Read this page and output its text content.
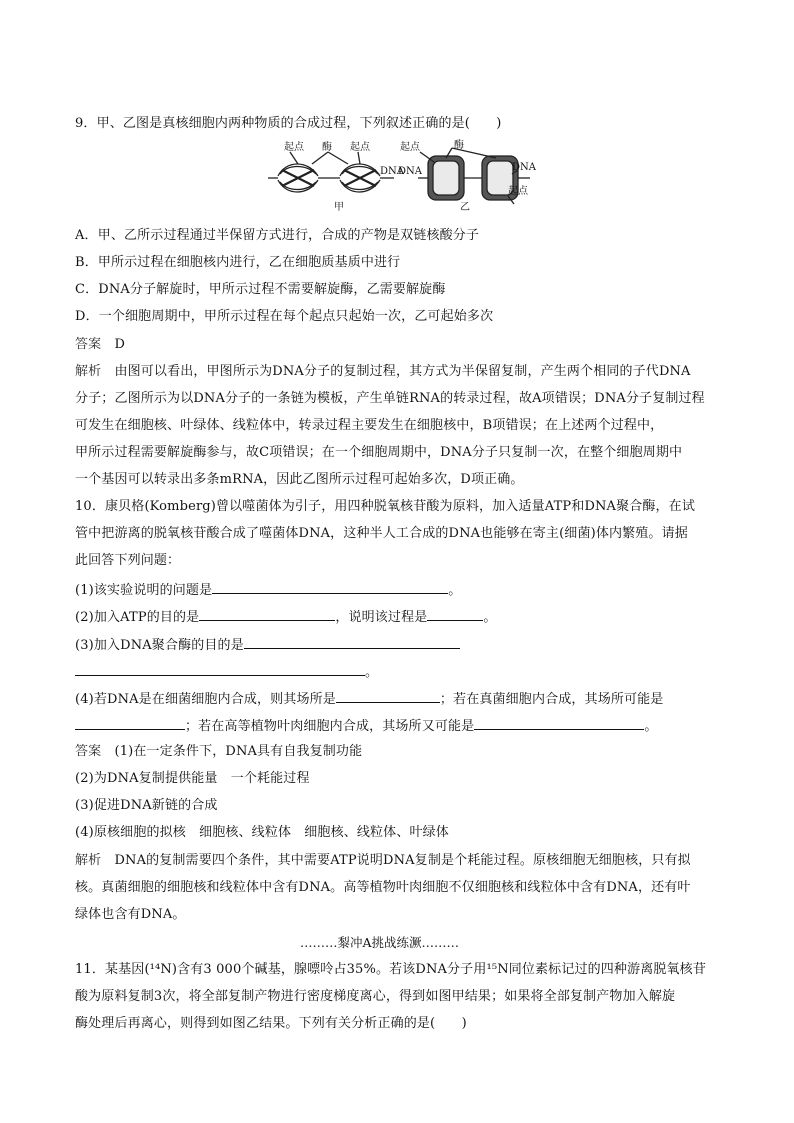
9．甲、乙图是真核细胞内两种物质的合成过程，下列叙述正确的是(　　)
起点 酶 起点
DNA
起点
DNA
酶
DNA
起点
甲	乙
A．甲、乙所示过程通过半保留方式进行，合成的产物是双链核酸分子
B．甲所示过程在细胞核内进行，乙在细胞质基质中进行
C．DNA分子解旋时，甲所示过程不需要解旋酶，乙需要解旋酶
D．一个细胞周期中，甲所示过程在每个起点只起始一次，乙可起始多次
答案　 D
解析　 由图可以看出，甲图所示为DNA分子的复制过程，其方式为半保留复制，产生两个相同的子代DNA
分子；乙图所示为以DNA分子的一条链为模板，产生单链RNA的转录过程，故A项错误；DNA分子复制过程
可发生在细胞核、叶绿体、线粒体中，转录过程主要发生在细胞核中，B项错误；在上述两个过程中，
甲所示过程需要解旋酶参与，故C项错误；在一个细胞周期中，DNA分子只复制一次，在整个细胞周期中
一个基因可以转录出多条mRNA，因此乙图所示过程可起始多次，D项正确。
10．康贝格(Komberg)曾以噬菌体为引子，用四种脱氧核苷酸为原料，加入适量ATP和DNA聚合酶，在试
管中把游离的脱氧核苷酸合成了噬菌体DNA，这种半人工合成的DNA也能够在寄主(细菌)体内繁殖。请据
此回答下列问题：
(1)该实验说明的问题是	。
(2)加入ATP的目的是	，说明该过程是	。
(3)加入DNA聚合酶的目的是
。
(4)若DNA是在细菌细胞内合成，则其场所是	；若在真菌细胞内合成，其场所可能是
；若在高等植物叶肉细胞内合成，其场所又可能是	。
答案　 (1)在一定条件下，DNA具有自我复制功能
(2)为DNA复制提供能量　一个耗能过程
(3)促进DNA新链的合成
(4)原核细胞的拟核　细胞核、线粒体　细胞核、线粒体、叶绿体
解析　 DNA的复制需要四个条件，其中需要ATP说明DNA复制是个耗能过程。原核细胞无细胞核，只有拟
核。真菌细胞的细胞核和线粒体中含有DNA。高等植物叶肉细胞不仅细胞核和线粒体中含有DNA，还有叶
绿体也含有DNA。
………㴝冲A挑战练㵐………
11．某基因(¹⁴N)含有3 000个碱基，腺嘌呤占35%。若该DNA分子用¹⁵N同位素标记过的四种游离脱氧核苷
酸为原料复制3次，将全部复制产物进行密度梯度离心，得到如图甲结果；如果将全部复制产物加入解旋
酶处理后再离心，则得到如图乙结果。下列有关分析正确的是(　　)
